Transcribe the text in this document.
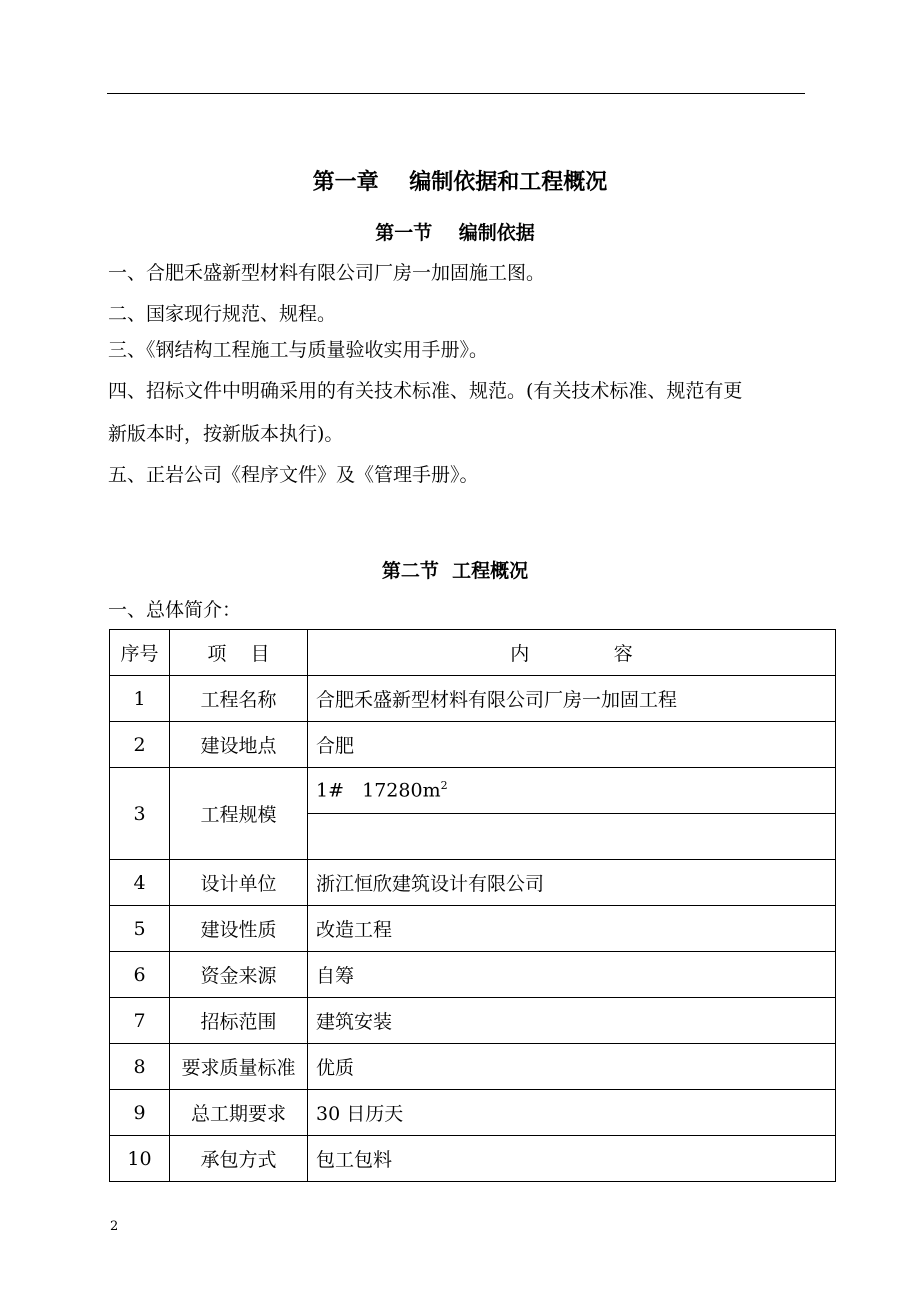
第一章    编制依据和工程概况
第一节    编制依据
一、合肥禾盛新型材料有限公司厂房一加固施工图。
二、国家现行规范、规程。
三、《钢结构工程施工与质量验收实用手册》。
四、招标文件中明确采用的有关技术标准、规范。(有关技术标准、规范有更
新版本时，按新版本执行)。
五、正岩公司《程序文件》及《管理手册》。
第二节  工程概况
一、总体简介：
序号	项    目	内              容
1	工程名称	合肥禾盛新型材料有限公司厂房一加固工程
2	建设地点	合肥
3	工程规模	1#   $17280m^2$

4	设计单位	浙江恒欣建筑设计有限公司
5	建设性质	改造工程
6	资金来源	自筹
7	招标范围	建筑安装
8	要求质量标准	优质
9	总工期要求	30 日历天
10	承包方式	包工包料
2
